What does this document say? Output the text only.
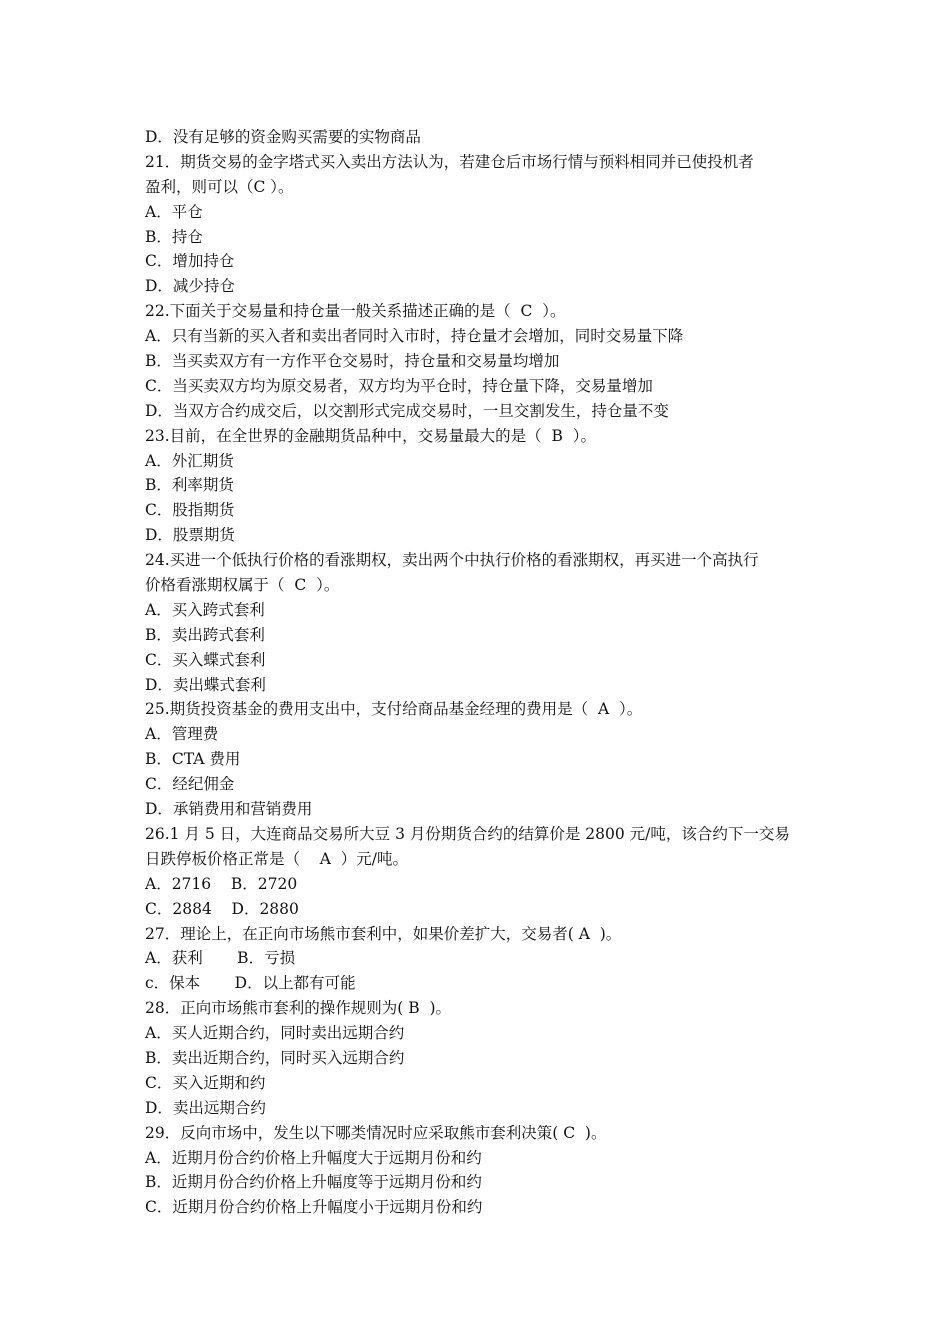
D．没有足够的资金购买需要的实物商品
21．期货交易的金字塔式买入卖出方法认为，若建仓后市场行情与预料相同并已使投机者
盈利，则可以（C ）。
A．平仓
B．持仓
C．增加持仓
D．减少持仓
22.下面关于交易量和持仓量一般关系描述正确的是（  C  ）。
A．只有当新的买入者和卖出者同时入市时，持仓量才会增加，同时交易量下降
B．当买卖双方有一方作平仓交易时，持仓量和交易量均增加
C．当买卖双方均为原交易者，双方均为平仓时，持仓量下降，交易量增加
D．当双方合约成交后，以交割形式完成交易时，一旦交割发生，持仓量不变
23.目前，在全世界的金融期货品种中，交易量最大的是（  B  ）。
A．外汇期货
B．利率期货
C．股指期货
D．股票期货
24.买进一个低执行价格的看涨期权，卖出两个中执行价格的看涨期权，再买进一个高执行
价格看涨期权属于（  C  ）。
A．买入跨式套利
B．卖出跨式套利
C．买入蝶式套利
D．卖出蝶式套利
25.期货投资基金的费用支出中，支付给商品基金经理的费用是（  A  ）。
A．管理费
B．CTA 费用
C．经纪佣金
D．承销费用和营销费用
26.1 月 5 日，大连商品交易所大豆 3 月份期货合约的结算价是 2800 元/吨，该合约下一交易
日跌停板价格正常是（    A  ）元/吨。
A．2716    B．2720
C．2884    D．2880
27．理论上，在正向市场熊市套利中，如果价差扩大，交易者( A  )。
A．获利       B．亏损
c．保本       D．以上都有可能
28．正向市场熊市套利的操作规则为( B  )。
A．买人近期合约，同时卖出远期合约
B．卖出近期合约，同时买入远期合约
C．买入近期和约
D．卖出远期合约
29．反向市场中，发生以下哪类情况时应采取熊市套利决策( C  )。
A．近期月份合约价格上升幅度大于远期月份和约
B．近期月份合约价格上升幅度等于远期月份和约
C．近期月份合约价格上升幅度小于远期月份和约
